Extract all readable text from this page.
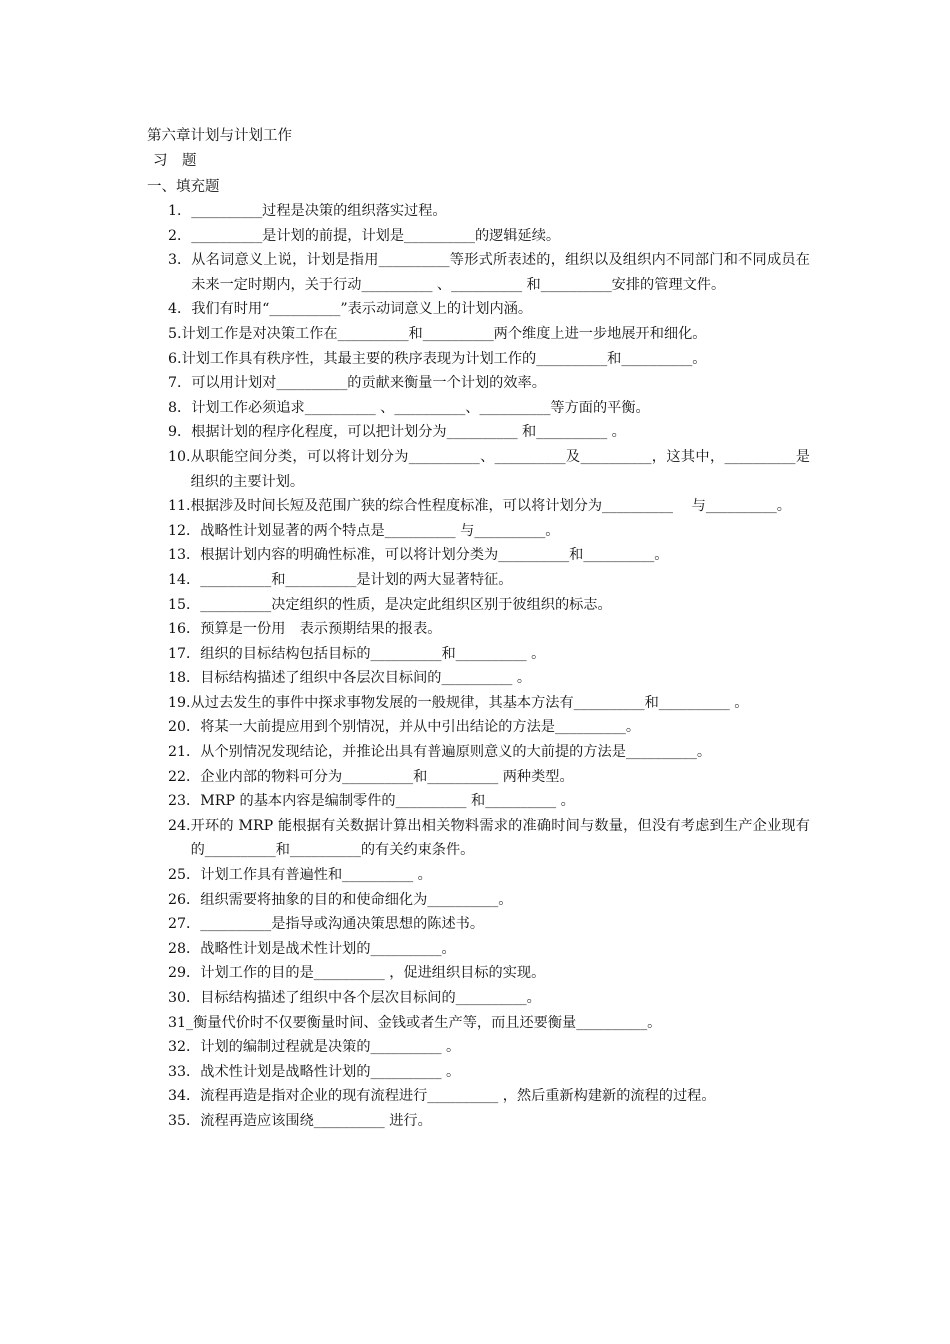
第六章计划与计划工作
习　题
一、填充题
1． __________过程是决策的组织落实过程。
2． __________是计划的前提，计划是__________的逻辑延续。
3． 从名词意义上说，计划是指用__________等形式所表述的，组织以及组织内不同部门和不同成员在未来一定时期内，关于行动__________ 、__________ 和__________安排的管理文件。
4． 我们有时用“__________”表示动词意义上的计划内涵。
5. 计划工作是对决策工作在__________和__________两个维度上进一步地展开和细化。
6. 计划工作具有秩序性，其最主要的秩序表现为计划工作的__________和__________。
7． 可以用计划对__________的贡献来衡量一个计划的效率。
8． 计划工作必须追求__________ 、__________、__________等方面的平衡。
9． 根据计划的程序化程度，可以把计划分为__________ 和__________ 。
10. 从职能空间分类，可以将计划分为__________、__________及__________，这其中，__________是组织的主要计划。
11. 根据涉及时间长短及范围广狭的综合性程度标准，可以将计划分为__________　 与__________。
12． 战略性计划显著的两个特点是__________ 与__________。
13． 根据计划内容的明确性标准，可以将计划分类为__________和__________。
14． __________和__________是计划的两大显著特征。
15． __________决定组织的性质，是决定此组织区别于彼组织的标志。
16． 预算是一份用　表示预期结果的报表。
17． 组织的目标结构包括目标的__________和__________ 。
18． 目标结构描述了组织中各层次目标间的__________ 。
19. 从过去发生的事件中探求事物发展的一般规律，其基本方法有__________和__________ 。
20． 将某一大前提应用到个别情况，并从中引出结论的方法是__________。
21． 从个别情况发现结论，并推论出具有普遍原则意义的大前提的方法是__________。
22． 企业内部的物料可分为__________和__________ 两种类型。
23． MRP 的基本内容是编制零件的__________ 和__________ 。
24. 开环的 MRP 能根据有关数据计算出相关物料需求的准确时间与数量，但没有考虑到生产企业现有的__________和__________的有关约束条件。
25． 计划工作具有普遍性和__________ 。
26． 组织需要将抽象的目的和使命细化为__________。
27． __________是指导或沟通决策思想的陈述书。
28． 战略性计划是战术性计划的__________。
29． 计划工作的目的是__________ ，促进组织目标的实现。
30． 目标结构描述了组织中各个层次目标间的__________。
31_ 衡量代价时不仅要衡量时间、金钱或者生产等，而且还要衡量__________。
32． 计划的编制过程就是决策的__________ 。
33． 战术性计划是战略性计划的__________ 。
34． 流程再造是指对企业的现有流程进行__________ ，然后重新构建新的流程的过程。
35． 流程再造应该围绕__________ 进行。
